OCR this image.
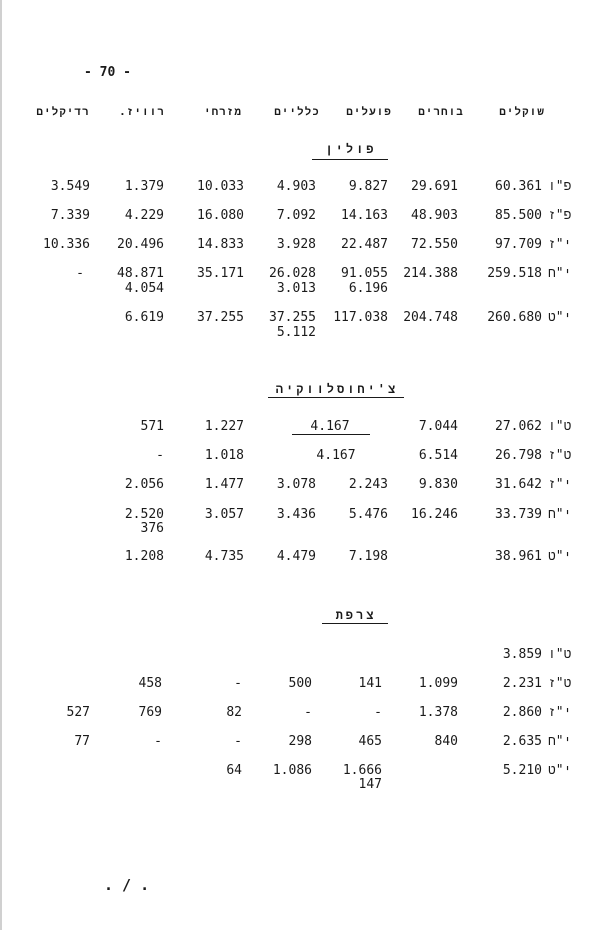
- 70 -
שוקלים
בוחרים
פועלים
כלליים
מזרחי
רוויז.
רדיקלים
פולין
60.361 פ"ו
29.691
9.827
4.903
10.033
1.379
3.549
85.500 פ"ז
48.903
14.163
7.092
16.080
4.229
7.339
97.709 י"ז
72.550
22.487
3.928
14.833
20.496
10.336
259.518 י"ח
214.388
91.055
6.196
26.028
3.013
35.171
48.871
4.054
-
260.680 י"ט
204.748
117.038
37.255
5.112
37.255
6.619
צ'יחוסלווקיה
27.062 ט"ו
7.044
4.167
1.227
571
26.798 ט"ז
6.514
4.167
1.018
-
31.642 י"ז
9.830
2.243
3.078
1.477
2.056
33.739 י"ח
16.246
5.476
3.436
3.057
2.520
376
38.961 י"ט
7.198
4.479
4.735
1.208
צרפת
3.859 ט"ו
2.231 ט"ז
1.099
141
500
-
458
2.860 י"ז
1.378
-
-
82
769
527
2.635 י"ח
840
465
298
-
-
77
5.210 י"ט
1.666
147
1.086
64
. / .
